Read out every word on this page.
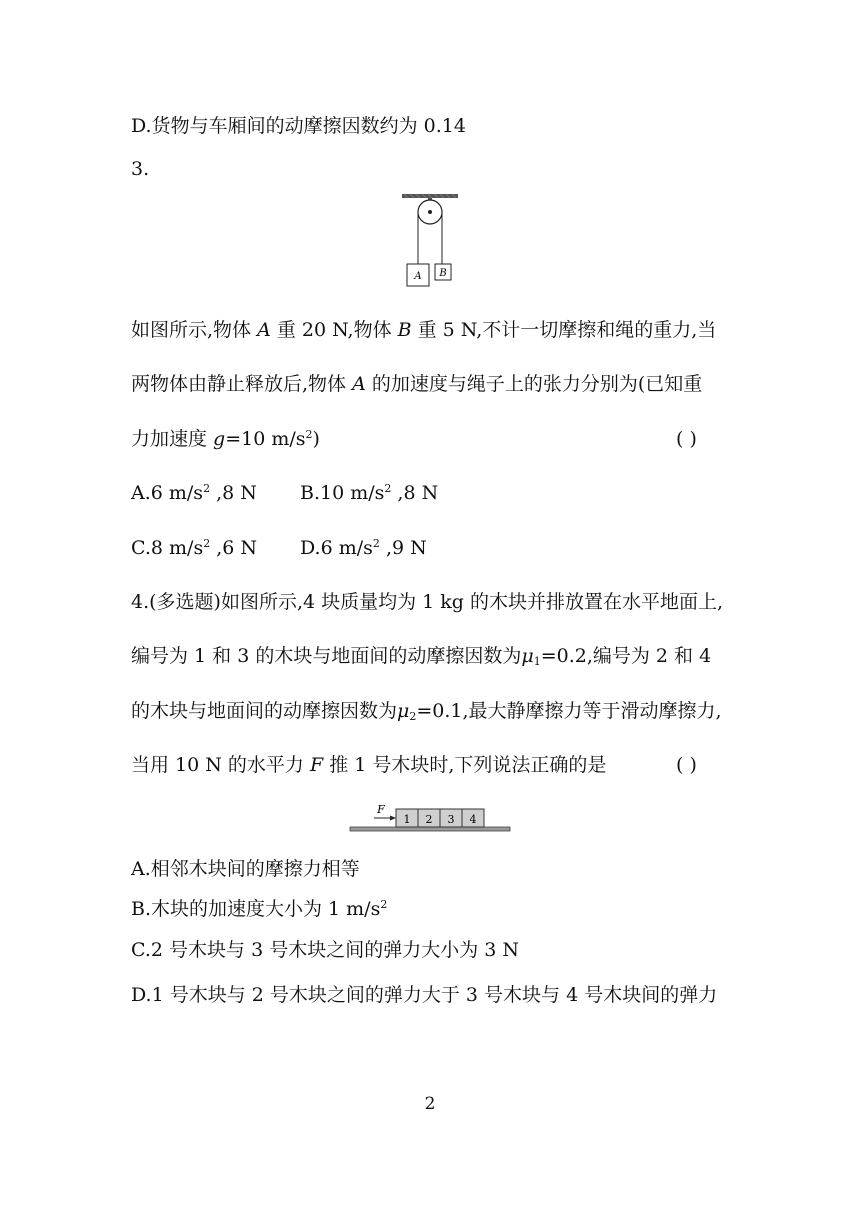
D.货物与车厢间的动摩擦因数约为 0.14
3.
A B
如图所示,物体 A 重 20 N,物体 B 重 5 N,不计一切摩擦和绳的重力,当
两物体由静止释放后,物体 A 的加速度与绳子上的张力分别为(已知重
力加速度 g=10 $m/s^2$)	( )
A.6 $m/s^2$ ,8 N B.10 $m/s^2$ ,8 N
C.8 $m/s^2$ ,6 N D.6 $m/s^2$ ,9 N
4.(多选题)如图所示,4 块质量均为 1 kg 的木块并排放置在水平地面上,
编号为 1 和 3 的木块与地面间的动摩擦因数为$\mu_1=0.2$,编号为 2 和 4
的木块与地面间的动摩擦因数为$\mu_2=0.1$,最大静摩擦力等于滑动摩擦力,
当用 10 N 的水平力 F 推 1 号木块时,下列说法正确的是	( )
F
1 2 3 4
A.相邻木块间的摩擦力相等
B.木块的加速度大小为 1 $m/s^2$
C.2 号木块与 3 号木块之间的弹力大小为 3 N
D.1 号木块与 2 号木块之间的弹力大于 3 号木块与 4 号木块间的弹力
2
